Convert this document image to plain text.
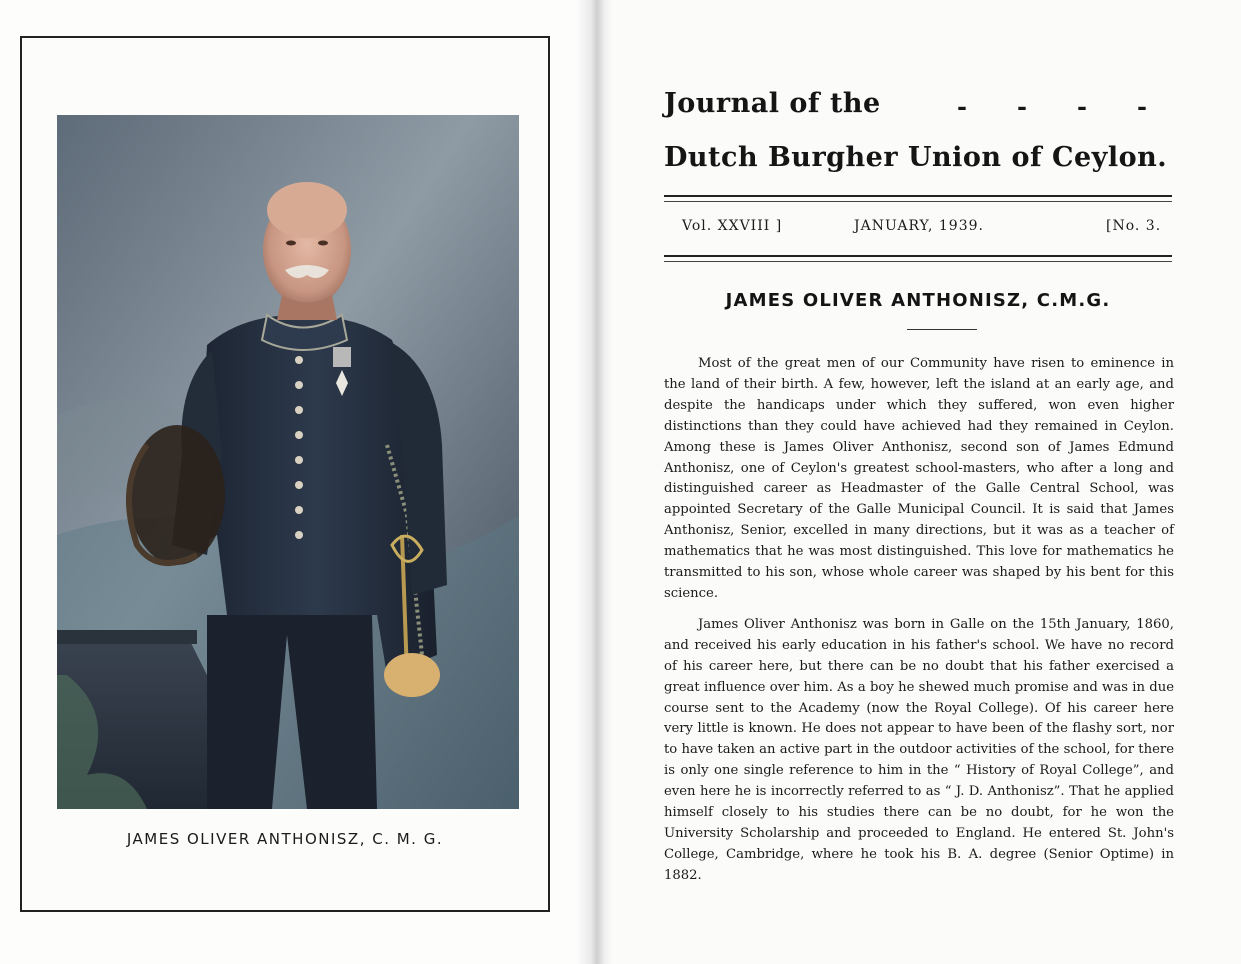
JAMES OLIVER ANTHONISZ, C. M. G.
Journal of the	- - - -
Dutch Burgher Union of Ceylon.
Vol. XXVIII ]	JANUARY, 1939.	[No. 3.
JAMES OLIVER ANTHONISZ, C.M.G.

Most of the great men of our Community have risen to eminence in the land of their birth. A few, however, left the island at an early age, and despite the handicaps under which they suffered, won even higher distinctions than they could have achieved had they remained in Ceylon. Among these is James Oliver Anthonisz, second son of James Edmund Anthonisz, one of Ceylon's greatest school-masters, who after a long and distinguished career as Headmaster of the Galle Central School, was appointed Secretary of the Galle Municipal Council. It is said that James Anthonisz, Senior, excelled in many directions, but it was as a teacher of mathematics that he was most distinguished. This love for mathematics he transmitted to his son, whose whole career was shaped by his bent for this science.

James Oliver Anthonisz was born in Galle on the 15th January, 1860, and received his early education in his father's school. We have no record of his career here, but there can be no doubt that his father exercised a great influence over him. As a boy he shewed much promise and was in due course sent to the Academy (now the Royal College). Of his career here very little is known. He does not appear to have been of the flashy sort, nor to have taken an active part in the outdoor activities of the school, for there is only one single reference to him in the “ History of Royal College”, and even here he is incorrectly referred to as “ J. D. Anthonisz”. That he applied himself closely to his studies there can be no doubt, for he won the University Scholarship and proceeded to England. He entered St. John's College, Cambridge, where he took his B. A. degree (Senior Optime) in 1882.
